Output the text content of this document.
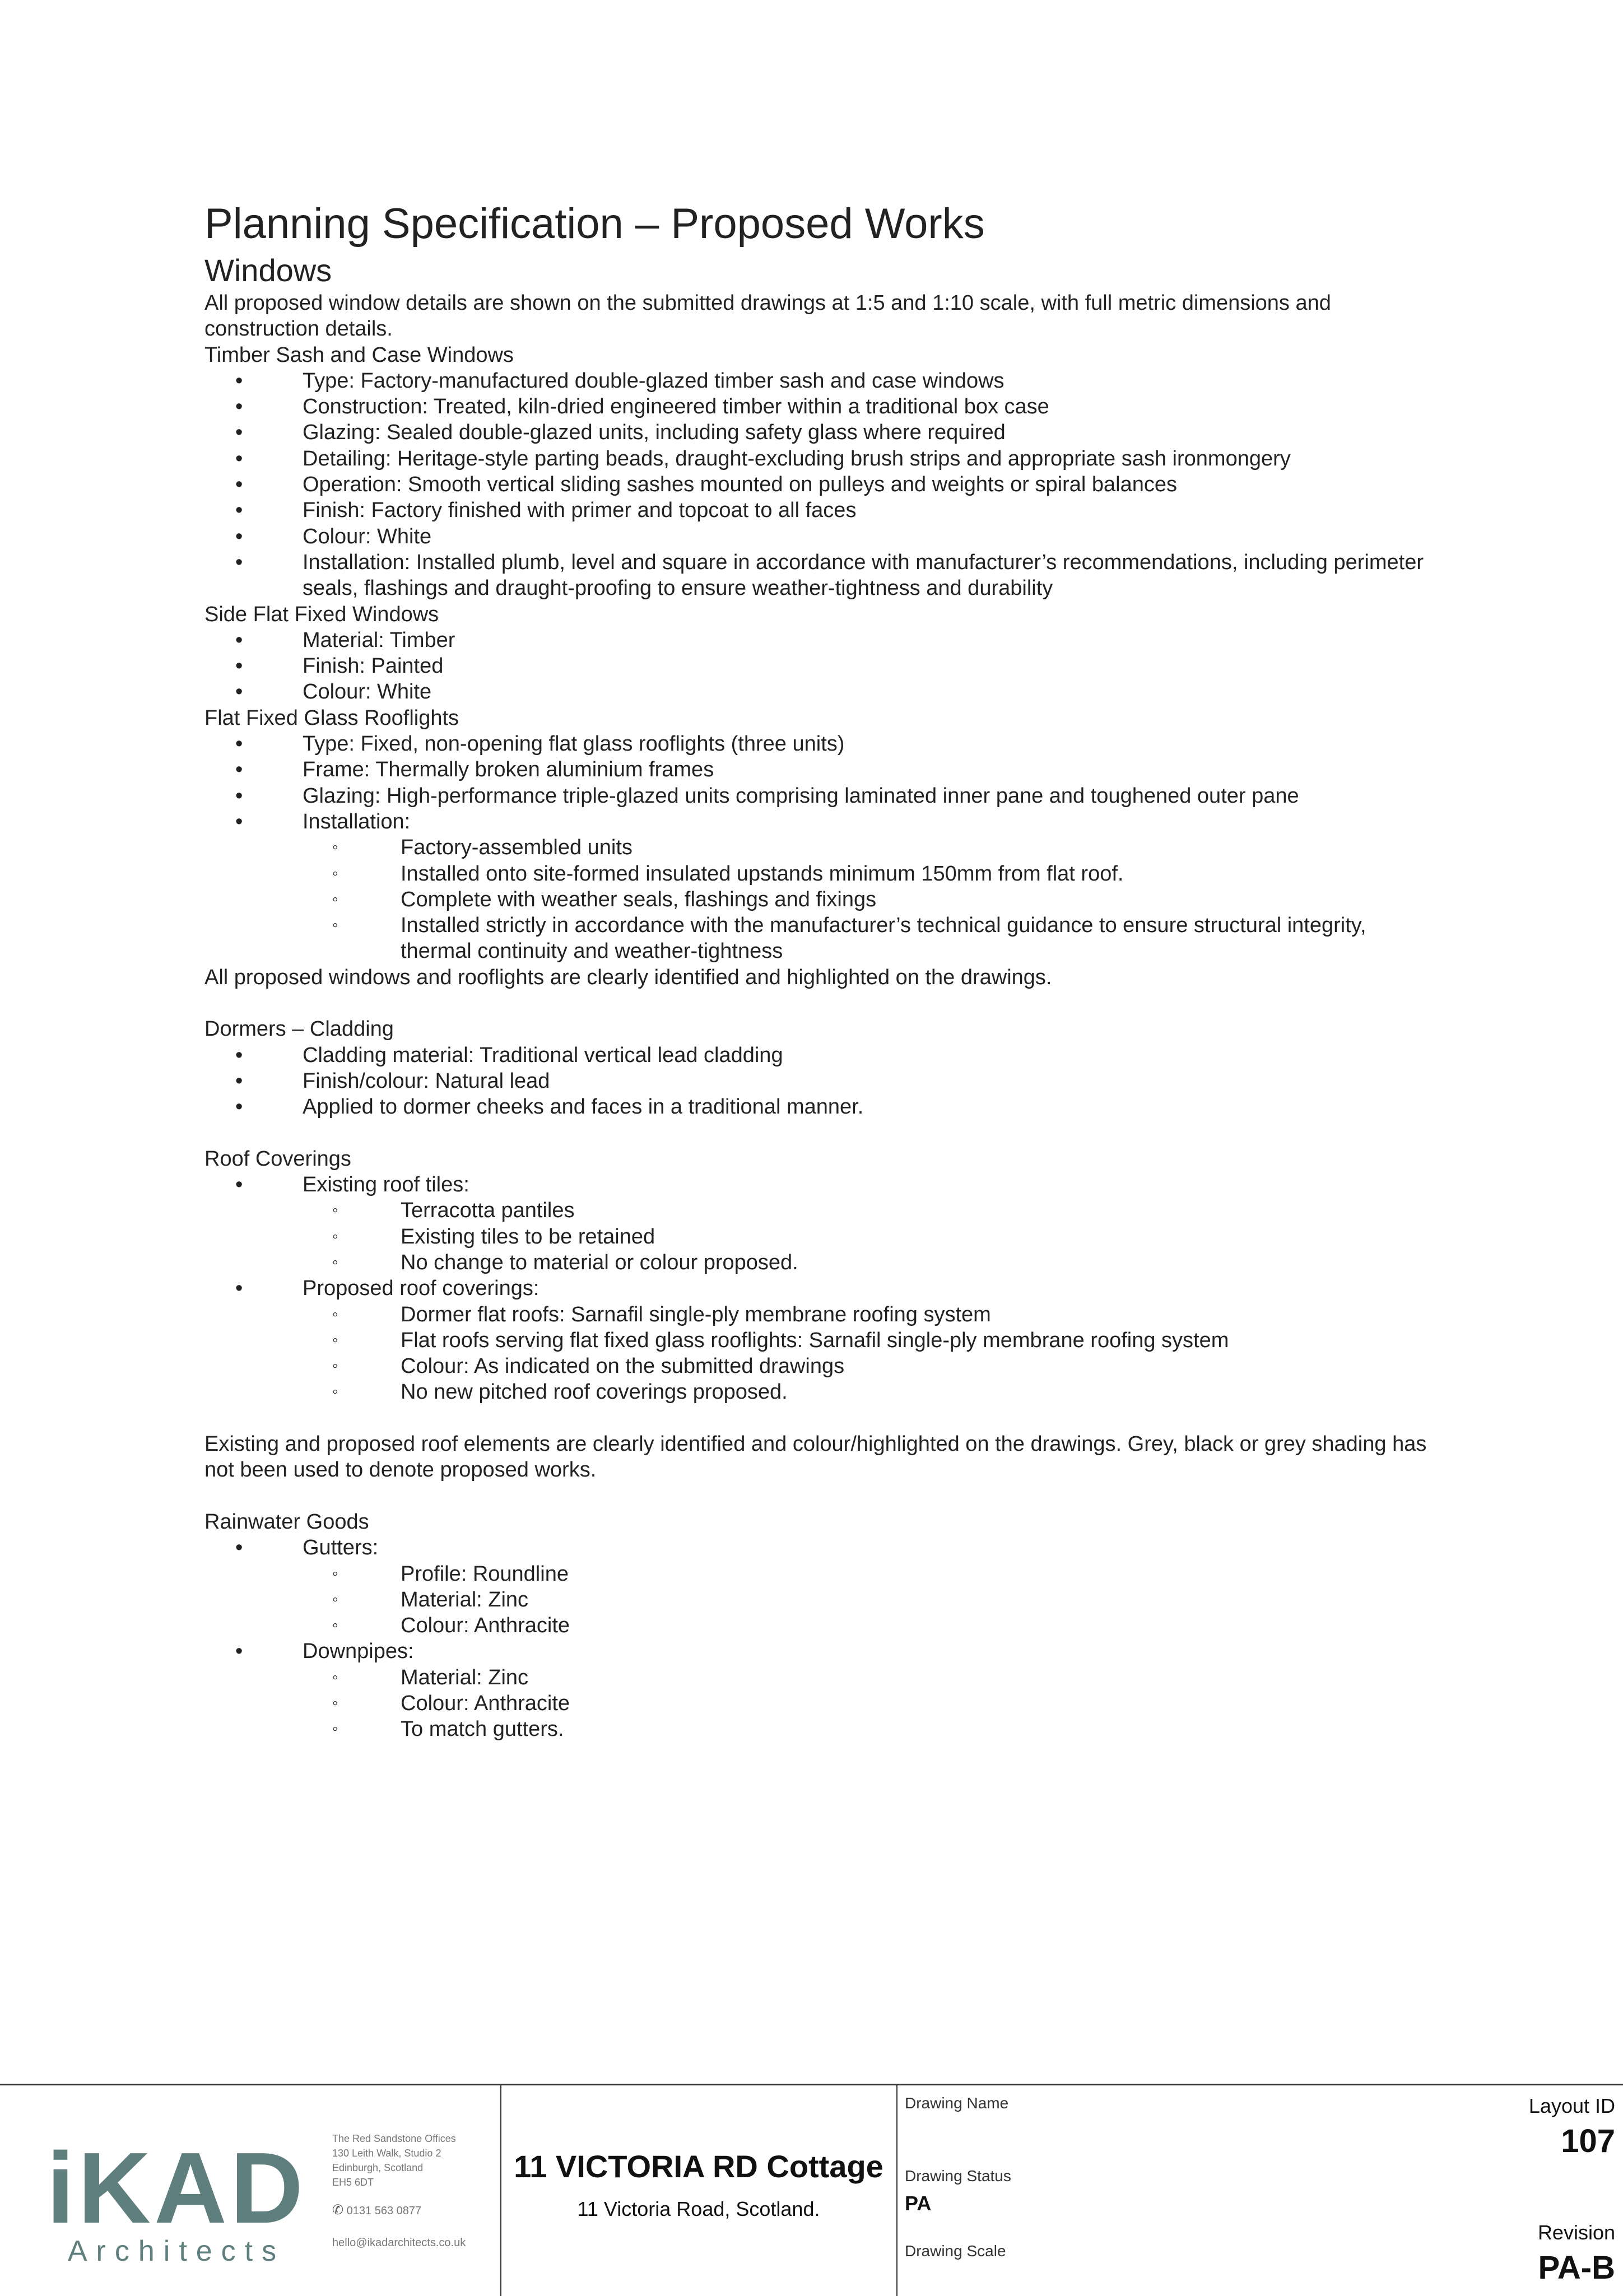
Planning Specification – Proposed Works
Windows
All proposed window details are shown on the submitted drawings at 1:5 and 1:10 scale, with full metric dimensions and construction details.
Timber Sash and Case Windows
•	Type: Factory-manufactured double-glazed timber sash and case windows
•	Construction: Treated, kiln-dried engineered timber within a traditional box case
•	Glazing: Sealed double-glazed units, including safety glass where required
•	Detailing: Heritage-style parting beads, draught-excluding brush strips and appropriate sash ironmongery
•	Operation: Smooth vertical sliding sashes mounted on pulleys and weights or spiral balances
•	Finish: Factory finished with primer and topcoat to all faces
•	Colour: White
•	Installation: Installed plumb, level and square in accordance with manufacturer’s recommendations, including perimeter seals, flashings and draught-proofing to ensure weather-tightness and durability
Side Flat Fixed Windows
•	Material: Timber
•	Finish: Painted
•	Colour: White
Flat Fixed Glass Rooflights
•	Type: Fixed, non-opening flat glass rooflights (three units)
•	Frame: Thermally broken aluminium frames
•	Glazing: High-performance triple-glazed units comprising laminated inner pane and toughened outer pane
•	Installation:
◦	Factory-assembled units
◦	Installed onto site-formed insulated upstands minimum 150mm from flat roof.
◦	Complete with weather seals, flashings and fixings
◦	Installed strictly in accordance with the manufacturer’s technical guidance to ensure structural integrity, thermal continuity and weather-tightness
All proposed windows and rooflights are clearly identified and highlighted on the drawings.
Dormers – Cladding
•	Cladding material: Traditional vertical lead cladding
•	Finish/colour: Natural lead
•	Applied to dormer cheeks and faces in a traditional manner.
Roof Coverings
•	Existing roof tiles:
◦	Terracotta pantiles
◦	Existing tiles to be retained
◦	No change to material or colour proposed.
•	Proposed roof coverings:
◦	Dormer flat roofs: Sarnafil single-ply membrane roofing system
◦	Flat roofs serving flat fixed glass rooflights: Sarnafil single-ply membrane roofing system
◦	Colour: As indicated on the submitted drawings
◦	No new pitched roof coverings proposed.
Existing and proposed roof elements are clearly identified and colour/highlighted on the drawings. Grey, black or grey shading has not been used to denote proposed works.
Rainwater Goods
•	Gutters:
◦	Profile: Roundline
◦	Material: Zinc
◦	Colour: Anthracite
•	Downpipes:
◦	Material: Zinc
◦	Colour: Anthracite
◦	To match gutters.
iKAD
Architects
The Red Sandstone Offices
130 Leith Walk, Studio 2
Edinburgh, Scotland
EH5 6DT
✆ 0131 563 0877
hello@ikadarchitects.co.uk
11 VICTORIA RD Cottage
11 Victoria Road, Scotland.
Drawing Name
Drawing Status
PA
Drawing Scale
Layout ID
107
Revision
PA-B
